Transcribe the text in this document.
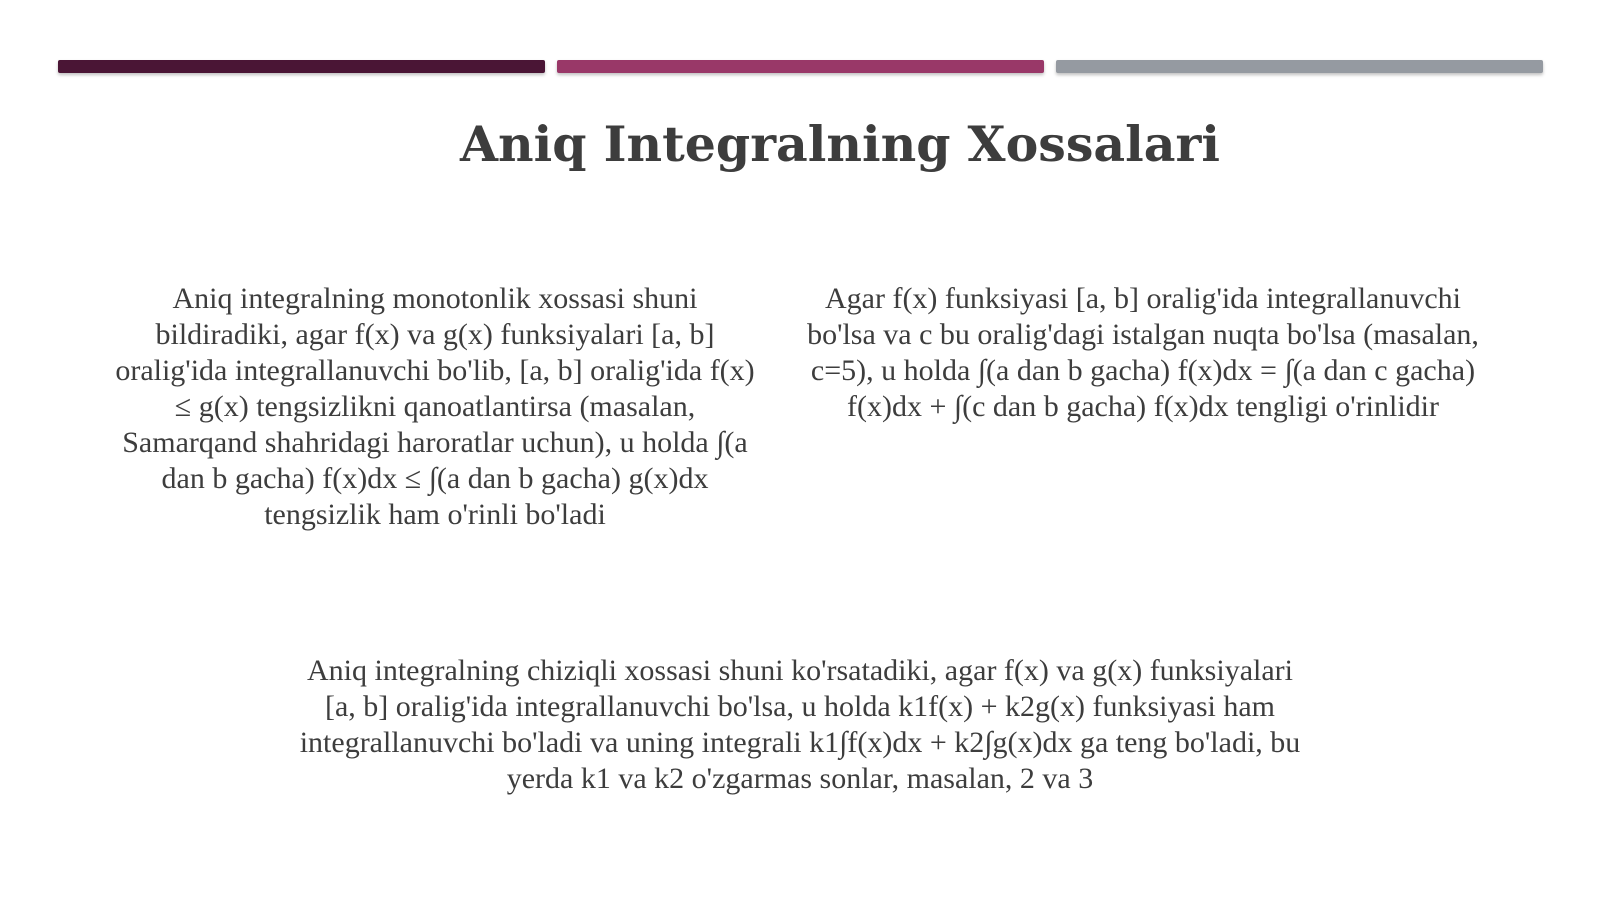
Aniq Integralning Xossalari

Aniq integralning monotonlik xossasi shuni bildiradiki, agar f(x) va g(x) funksiyalari [a, b] oralig'ida integrallanuvchi bo'lib, [a, b] oralig'ida f(x) ≤ g(x) tengsizlikni qanoatlantirsa (masalan, Samarqand shahridagi haroratlar uchun), u holda ∫(a dan b gacha) f(x)dx ≤ ∫(a dan b gacha) g(x)dx tengsizlik ham o'rinli bo'ladi

Agar f(x) funksiyasi [a, b] oralig'ida integrallanuvchi bo'lsa va c bu oralig'dagi istalgan nuqta bo'lsa (masalan, c=5), u holda ∫(a dan b gacha) f(x)dx = ∫(a dan c gacha) f(x)dx + ∫(c dan b gacha) f(x)dx tengligi o'rinlidir

Aniq integralning chiziqli xossasi shuni ko'rsatadiki, agar f(x) va g(x) funksiyalari [a, b] oralig'ida integrallanuvchi bo'lsa, u holda k1f(x) + k2g(x) funksiyasi ham integrallanuvchi bo'ladi va uning integrali k1∫f(x)dx + k2∫g(x)dx ga teng bo'ladi, bu yerda k1 va k2 o'zgarmas sonlar, masalan, 2 va 3
